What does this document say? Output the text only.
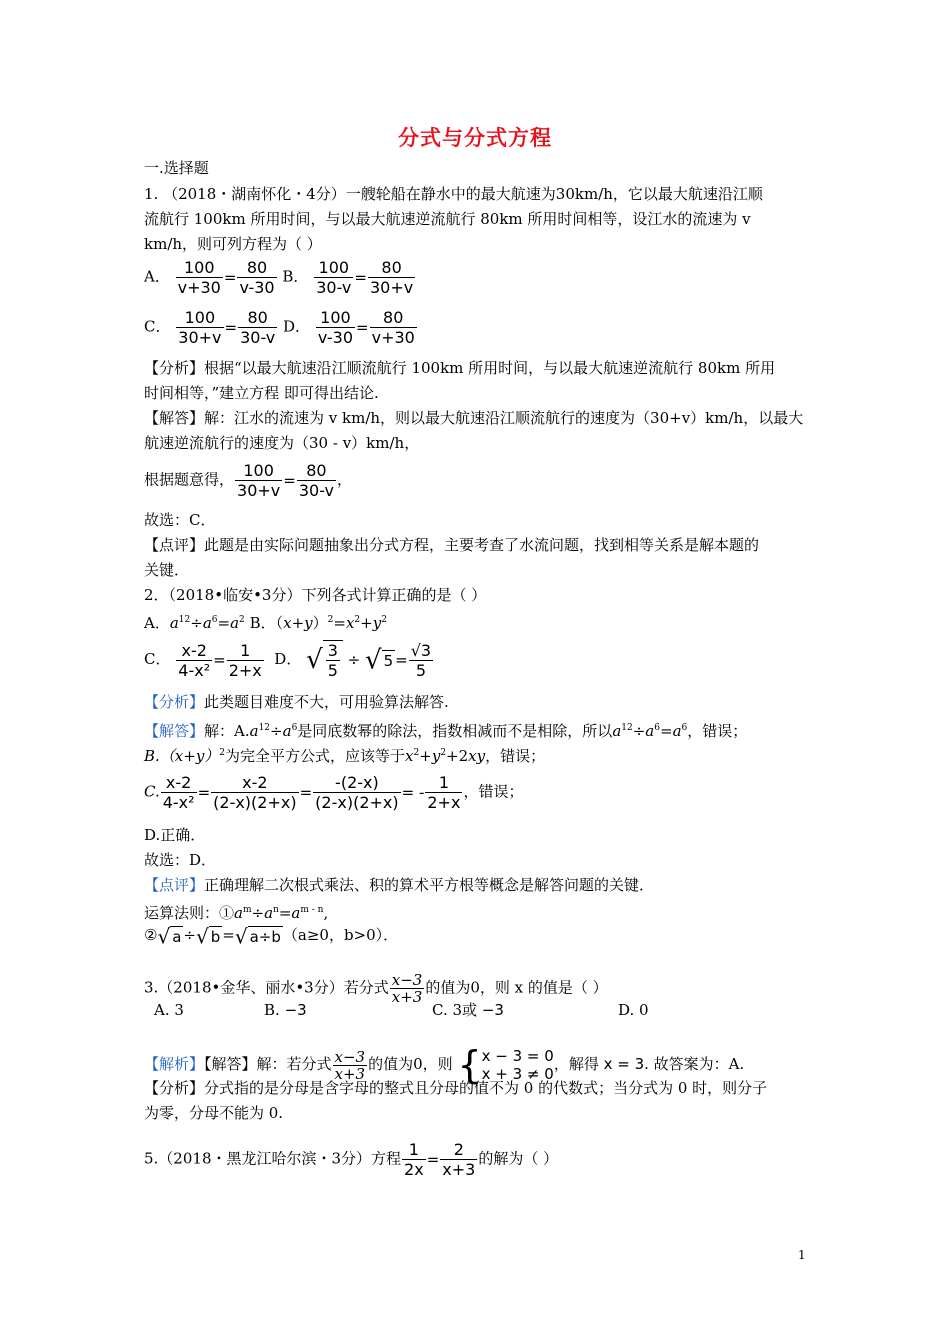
分式与分式方程
一.选择题
1. （2018・湖南怀化・4分）一艘轮船在静水中的最大航速为30km/h，它以最大航速沿江顺
流航行 100km 所用时间，与以最大航速逆流航行 80km 所用时间相等，设江水的流速为 v
km/h，则可列方程为（ ）
A． $\frac{100}{v+30} = \frac{80}{v-30}$ B． $\frac{100}{30-v} = \frac{80}{30+v}$
C． $\frac{100}{30+v} = \frac{80}{30-v}$ D． $\frac{100}{v-30} = \frac{80}{v+30}$
【分析】根据“以最大航速沿江顺流航行 100km 所用时间，与以最大航速逆流航行 80km 所用
时间相等，”建立方程 即可得出结论.
【解答】解：江水的流速为 v km/h，则以最大航速沿江顺流航行的速度为（30+v）km/h，以最大
航速逆流航行的速度为（30 - v）km/h，
根据题意得， $\frac{100}{30+v} = \frac{80}{30-v}$ ，
故选：C．
【点评】此题是由实际问题抽象出分式方程，主要考查了水流问题，找到相等关系是解本题的
关键．
2．（2018•临安•3分）下列各式计算正确的是（ ）
A．$a^{12}\div a^6=a^2$ B．$(x+y)^2=x^2+y^2$
C． $\frac{x-2}{\text{4-x²}} = \frac{1}{2+x}$ D． √ $\frac{3}{5}$ ÷ √ $5 = \frac{√3}{5}$
【分析】此类题目难度不大，可用验算法解答.
【解答】解：$A.a^{12}\div a^6$是同底数幂的除法，指数相减而不是相除，所以$a^{12}\div a^6=a^6$，错误；
$B.(x+y)^2$为完全平方公式，应该等于$x^2+y^2+2xy$，错误；
C. $\frac{x-2}{\text{4-x²}} = \frac{x-2}{(2-x)(2+x)} = \frac{-(2-x)}{(2-x)(2+x)}$ = - $\frac{1}{2+x}$ ，错误；
D.正确．
故选：D．
【点评】正确理解二次根式乘法、积的算术平方根等概念是解答问题的关键．
运算法则：$①a^m\div a^n=a^{m - n}$,
②√ a ÷√ b =√ a÷b （a≥0，b>0）．
3.（2018•金华、丽水•3分）若分式 $\frac{x-3}{x+3}$ 的值为0，则 x 的值是（ ）
A. 3	B. −3	C. 3或 −3	D. 0
【解析】【解答】解：若分式 $\frac{x-3}{x+3}$ 的值为0，则 { x − 3 = 0
x + 3 ≠ 0
，解得 x = 3. 故答案为：A.
【分析】分式指的是分母是含字母的整式且分母的值不为 0 的代数式；当分式为 0 时，则分子
为零，分母不能为 0.
5.（2018・黑龙江哈尔滨・3分）方程 $\frac{1}{2x} = \frac{2}{x+3}$ 的解为（ ）
1
